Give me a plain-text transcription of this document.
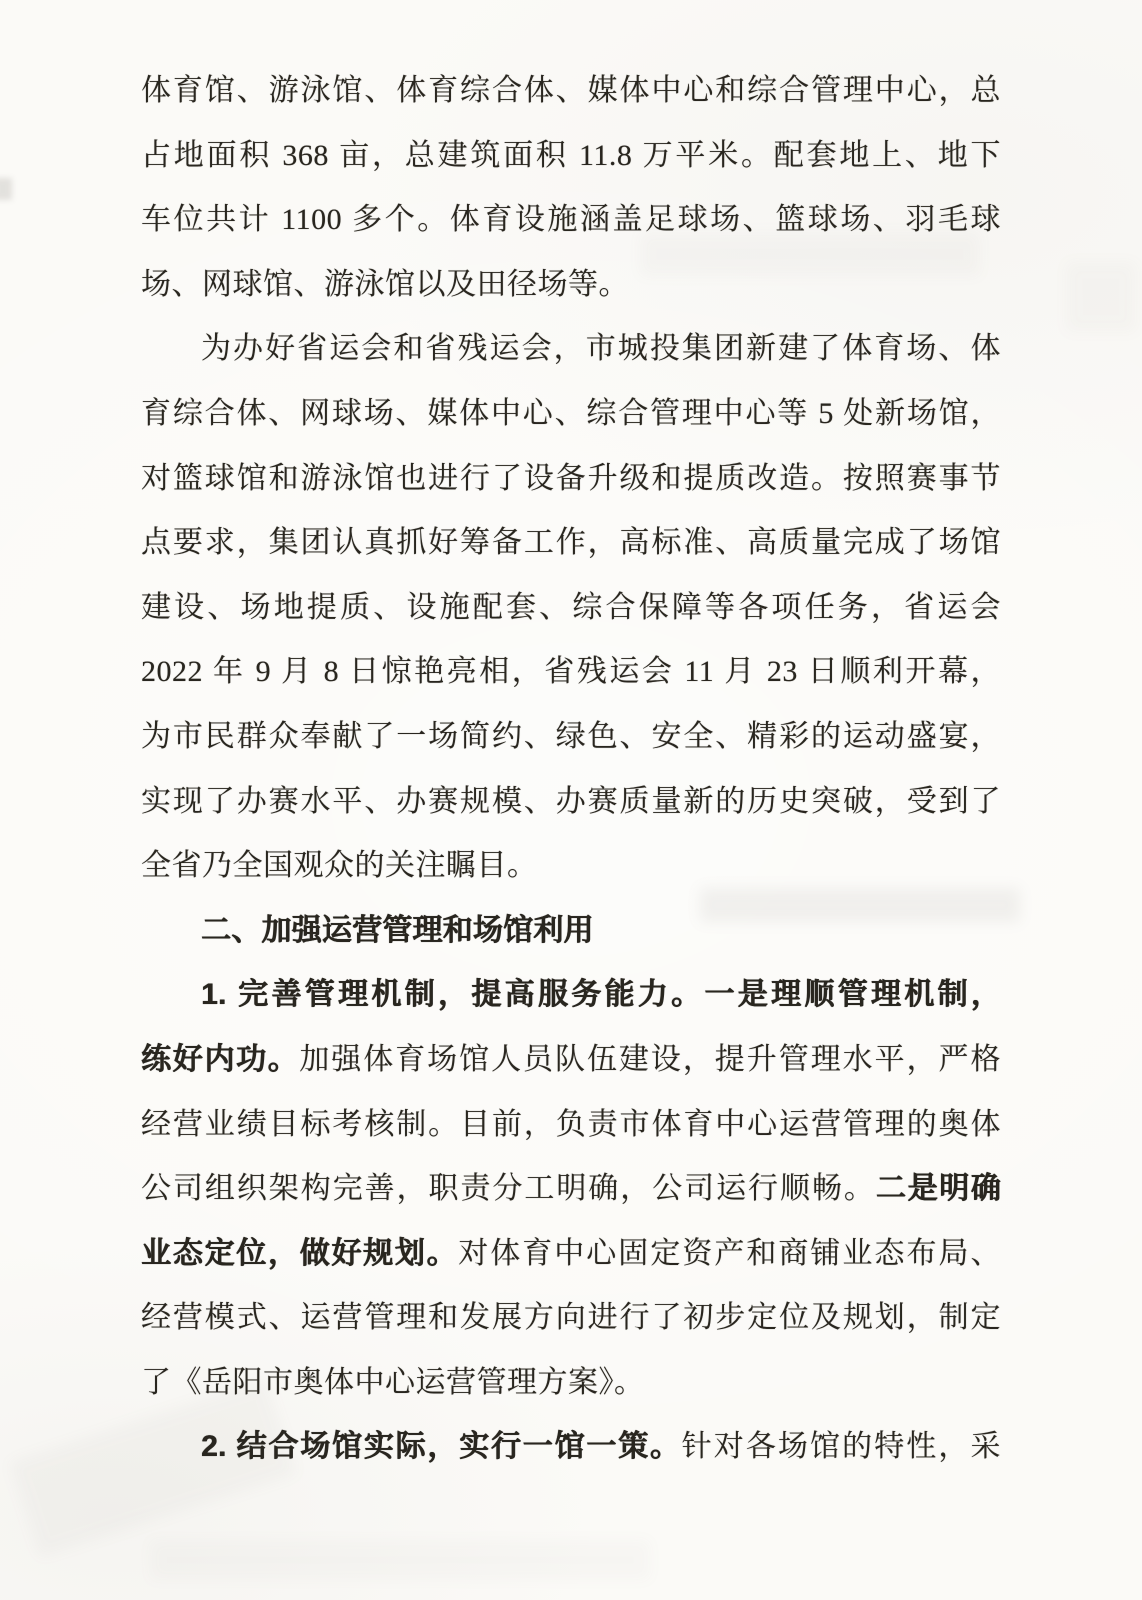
体育馆、游泳馆、体育综合体、媒体中心和综合管理中心，总
占地面积 368 亩，总建筑面积 11.8 万平米。配套地上、地下
车位共计 1100 多个。体育设施涵盖足球场、篮球场、羽毛球
场、网球馆、游泳馆以及田径场等。
为办好省运会和省残运会，市城投集团新建了体育场、体
育综合体、网球场、媒体中心、综合管理中心等 5 处新场馆，
对篮球馆和游泳馆也进行了设备升级和提质改造。按照赛事节
点要求，集团认真抓好筹备工作，高标准、高质量完成了场馆
建设、场地提质、设施配套、综合保障等各项任务，省运会
2022 年 9 月 8 日惊艳亮相，省残运会 11 月 23 日顺利开幕，
为市民群众奉献了一场简约、绿色、安全、精彩的运动盛宴，
实现了办赛水平、办赛规模、办赛质量新的历史突破，受到了
全省乃全国观众的关注瞩目。
二、加强运营管理和场馆利用
1. 完善管理机制，提高服务能力。一是理顺管理机制，
练好内功。加强体育场馆人员队伍建设，提升管理水平，严格
经营业绩目标考核制。目前，负责市体育中心运营管理的奥体
公司组织架构完善，职责分工明确，公司运行顺畅。二是明确
业态定位，做好规划。对体育中心固定资产和商铺业态布局、
经营模式、运营管理和发展方向进行了初步定位及规划，制定
了《岳阳市奥体中心运营管理方案》。
2. 结合场馆实际，实行一馆一策。针对各场馆的特性，采
